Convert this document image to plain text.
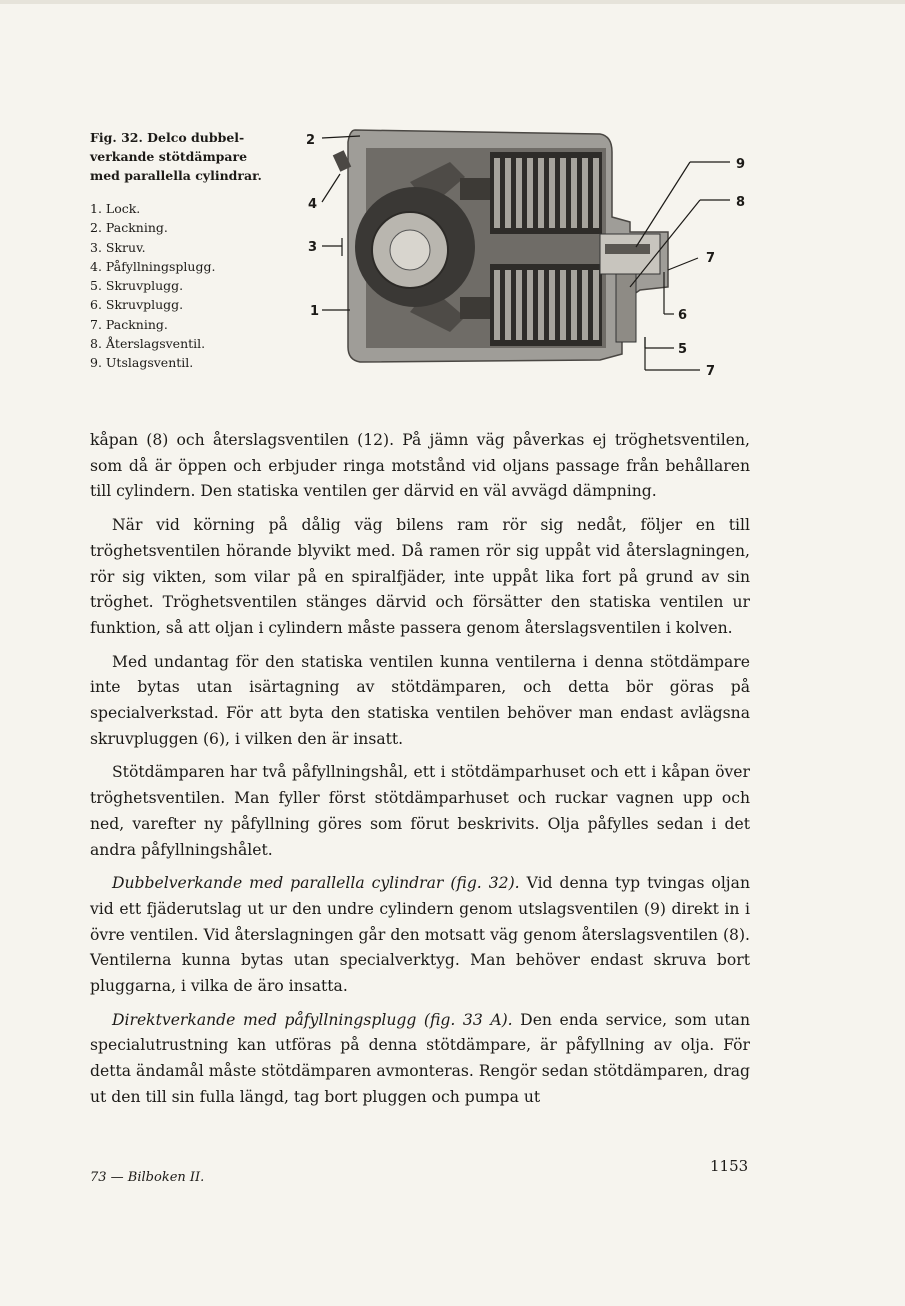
Fig. 32. Delco dubbel-
verkande stötdämpare
med parallella cylindrar.
1. Lock.
2. Packning.
3. Skruv.
4. Påfyllningsplugg.
5. Skruvplugg.
6. Skruvplugg.
7. Packning.
8. Återslagsventil.
9. Utslagsventil.
2
4
3
1
9
8
7
6
5
7

kåpan (8) och återslagsventilen (12). På jämn väg påverkas ej tröghetsventilen, som då är öppen och erbjuder ringa motstånd vid oljans passage från behållaren till cylindern. Den statiska ventilen ger därvid en väl avvägd dämpning.

När vid körning på dålig väg bilens ram rör sig nedåt, följer en till tröghetsventilen hörande blyvikt med. Då ramen rör sig uppåt vid återslagningen, rör sig vikten, som vilar på en spiralfjäder, inte uppåt lika fort på grund av sin tröghet. Tröghetsventilen stänges därvid och försätter den statiska ventilen ur funktion, så att oljan i cylindern måste passera genom återslagsventilen i kolven.

Med undantag för den statiska ventilen kunna ventilerna i denna stötdämpare inte bytas utan isärtagning av stötdämparen, och detta bör göras på specialverkstad. För att byta den statiska ventilen behöver man endast avlägsna skruvpluggen (6), i vilken den är insatt.

Stötdämparen har två påfyllningshål, ett i stötdämparhuset och ett i kåpan över tröghetsventilen. Man fyller först stötdämparhuset och ruckar vagnen upp och ned, varefter ny påfyllning göres som förut beskrivits. Olja påfylles sedan i det andra påfyllningshålet.

Dubbelverkande med parallella cylindrar (fig. 32). Vid denna typ tvingas oljan vid ett fjäderutslag ut ur den undre cylindern genom utslagsventilen (9) direkt in i övre ventilen. Vid återslagningen går den motsatt väg genom återslagsventilen (8). Ventilerna kunna bytas utan specialverktyg. Man behöver endast skruva bort pluggarna, i vilka de äro insatta.

Direktverkande med påfyllningsplugg (fig. 33 A). Den enda service, som utan specialutrustning kan utföras på denna stötdämpare, är påfyllning av olja. För detta ändamål måste stötdämparen avmonteras. Rengör sedan stötdämparen, drag ut den till sin fulla längd, tag bort pluggen och pumpa ut

73 — Bilboken II.
1153
